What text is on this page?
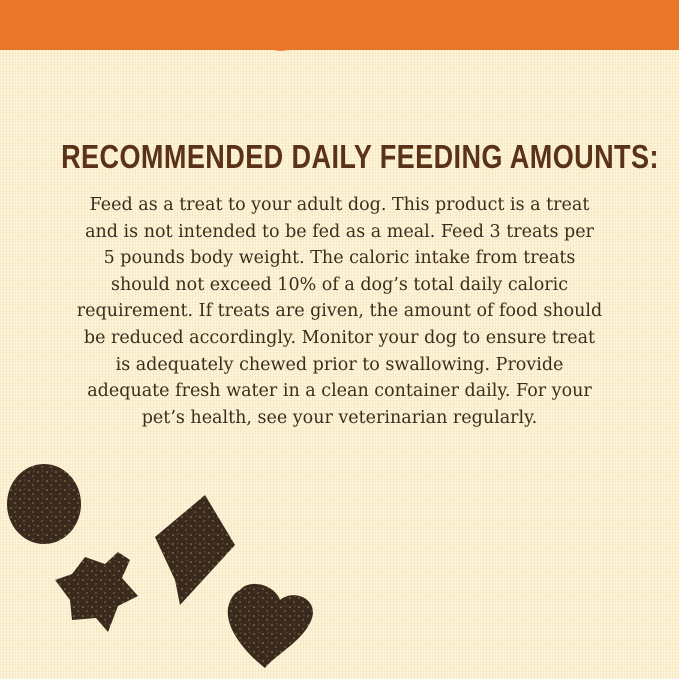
RECOMMENDED DAILY FEEDING AMOUNTS:
Feed as a treat to your adult dog. This product is a treat
and is not intended to be fed as a meal. Feed 3 treats per
5 pounds body weight. The caloric intake from treats
should not exceed 10% of a dog’s total daily caloric
requirement. If treats are given, the amount of food should
be reduced accordingly. Monitor your dog to ensure treat
is adequately chewed prior to swallowing. Provide
adequate fresh water in a clean container daily. For your
pet’s health, see your veterinarian regularly.
